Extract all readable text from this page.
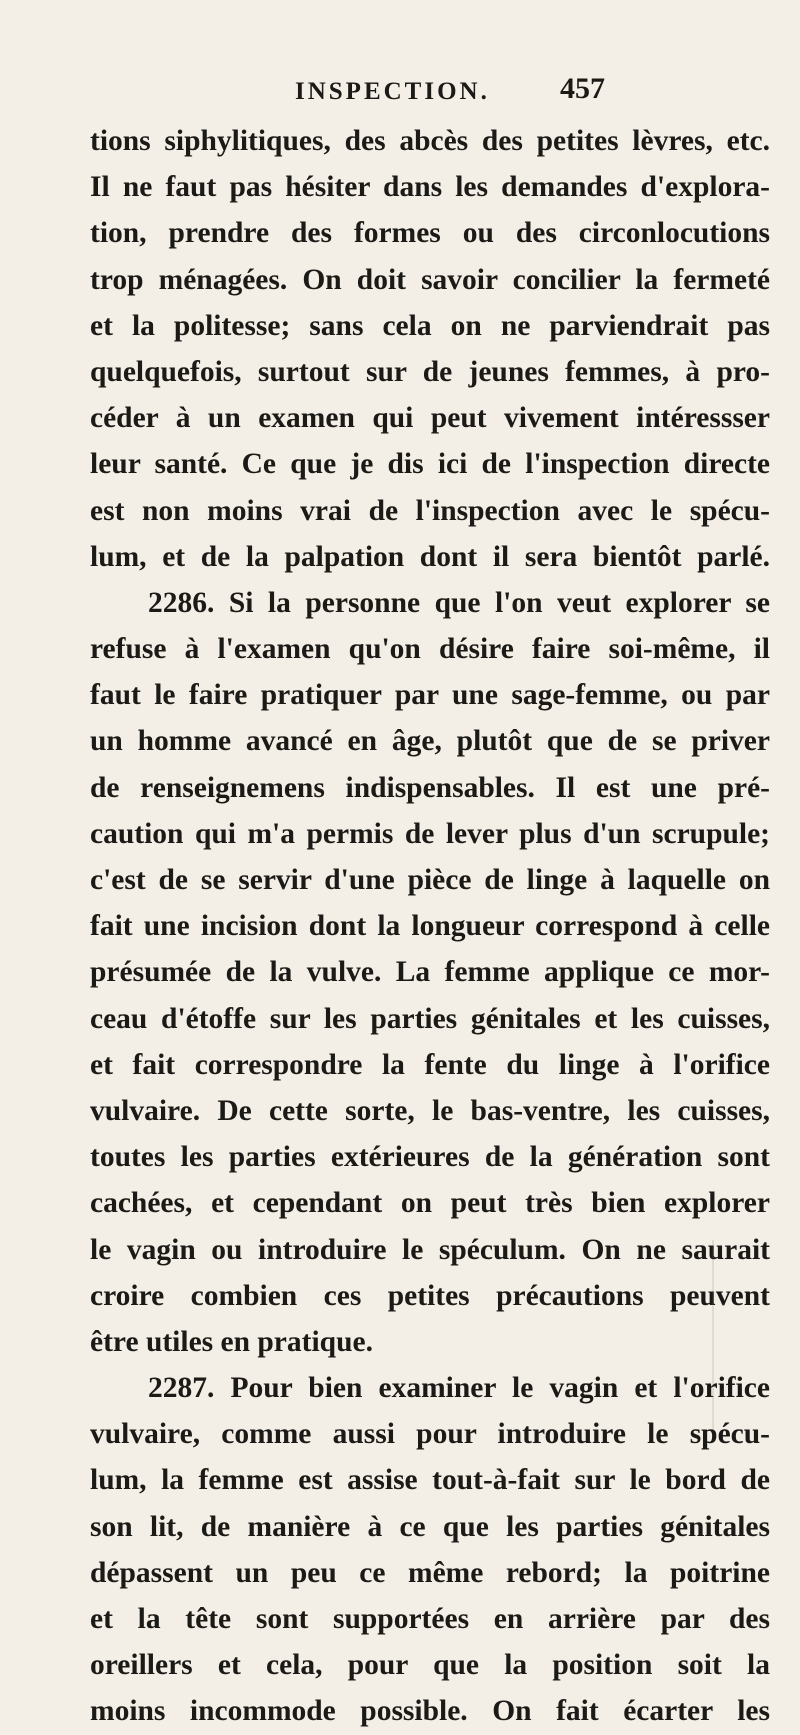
INSPECTION. 457
tions siphylitiques, des abcès des petites lèvres, etc.
Il ne faut pas hésiter dans les demandes d'explora-
tion, prendre des formes ou des circonlocutions
trop ménagées. On doit savoir concilier la fermeté
et la politesse; sans cela on ne parviendrait pas
quelquefois, surtout sur de jeunes femmes, à pro-
céder à un examen qui peut vivement intéressser
leur santé. Ce que je dis ici de l'inspection directe
est non moins vrai de l'inspection avec le spécu-
lum, et de la palpation dont il sera bientôt parlé.
2286. Si la personne que l'on veut explorer se
refuse à l'examen qu'on désire faire soi-même, il
faut le faire pratiquer par une sage-femme, ou par
un homme avancé en âge, plutôt que de se priver
de renseignemens indispensables. Il est une pré-
caution qui m'a permis de lever plus d'un scrupule;
c'est de se servir d'une pièce de linge à laquelle on
fait une incision dont la longueur correspond à celle
présumée de la vulve. La femme applique ce mor-
ceau d'étoffe sur les parties génitales et les cuisses,
et fait correspondre la fente du linge à l'orifice
vulvaire. De cette sorte, le bas-ventre, les cuisses,
toutes les parties extérieures de la génération sont
cachées, et cependant on peut très bien explorer
le vagin ou introduire le spéculum. On ne saurait
croire combien ces petites précautions peuvent
être utiles en pratique.
2287. Pour bien examiner le vagin et l'orifice
vulvaire, comme aussi pour introduire le spécu-
lum, la femme est assise tout-à-fait sur le bord de
son lit, de manière à ce que les parties génitales
dépassent un peu ce même rebord; la poitrine
et la tête sont supportées en arrière par des
oreillers et cela, pour que la position soit la
moins incommode possible. On fait écarter les
